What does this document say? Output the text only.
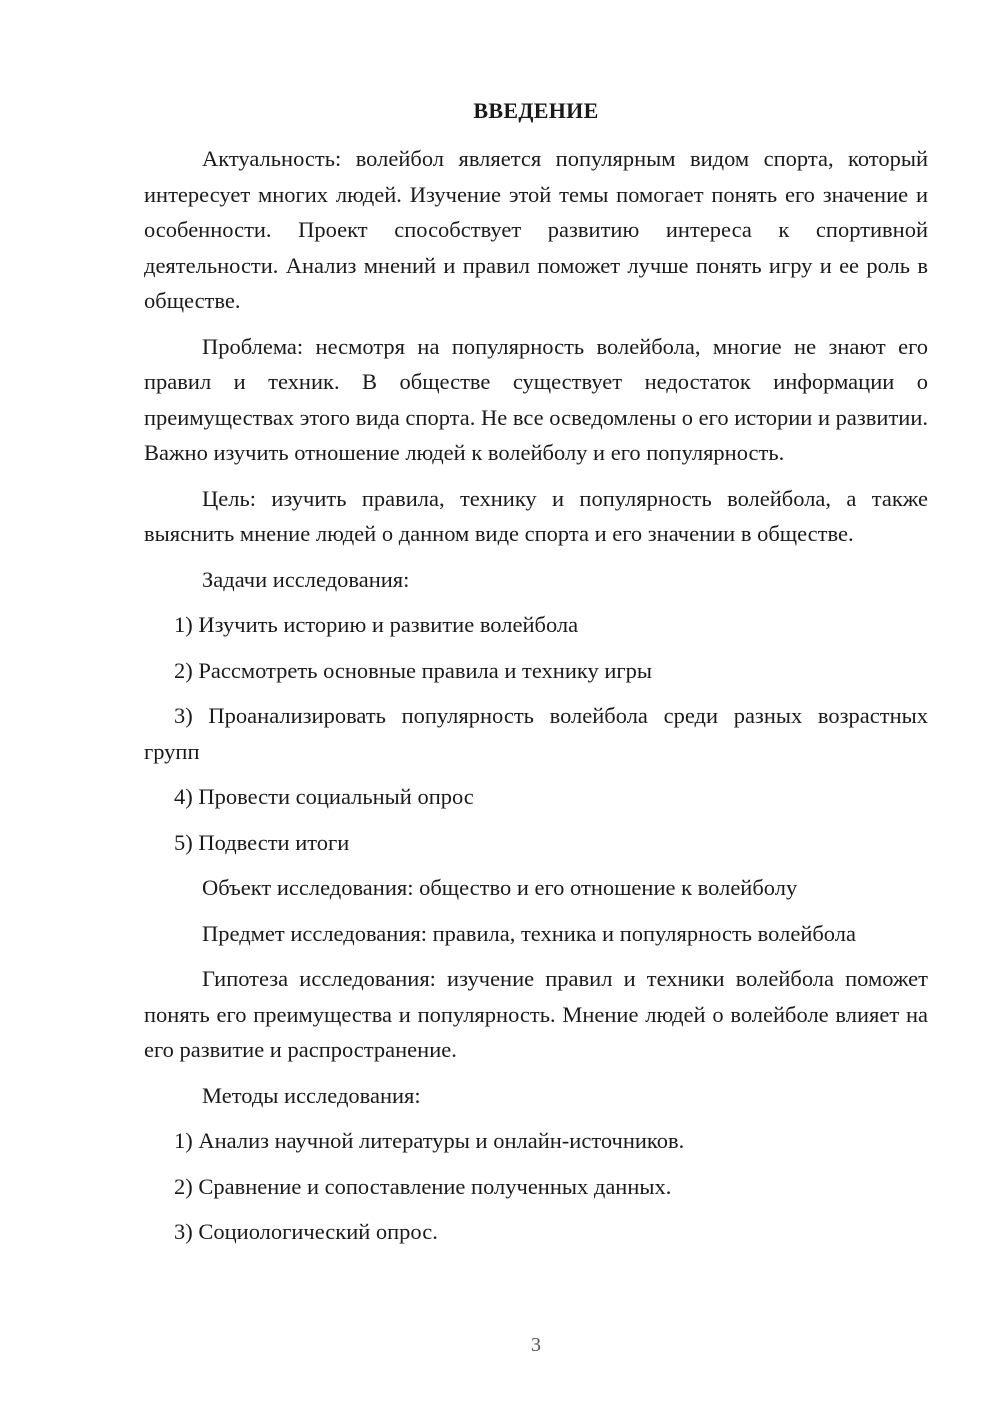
ВВЕДЕНИЕ

Актуальность: волейбол является популярным видом спорта, который интересует многих людей. Изучение этой темы помогает понять его значение и особенности. Проект способствует развитию интереса к спортивной деятельности. Анализ мнений и правил поможет лучше понять игру и ее роль в обществе.

Проблема: несмотря на популярность волейбола, многие не знают его правил и техник. В обществе существует недостаток информации о преимуществах этого вида спорта. Не все осведомлены о его истории и развитии. Важно изучить отношение людей к волейболу и его популярность.

Цель: изучить правила, технику и популярность волейбола, а также выяснить мнение людей о данном виде спорта и его значении в обществе.

Задачи исследования:

1) Изучить историю и развитие волейбола

2) Рассмотреть основные правила и технику игры

3) Проанализировать популярность волейбола среди разных возрастных групп

4) Провести социальный опрос

5) Подвести итоги

Объект исследования: общество и его отношение к волейболу

Предмет исследования: правила, техника и популярность волейбола

Гипотеза исследования: изучение правил и техники волейбола поможет понять его преимущества и популярность. Мнение людей о волейболе влияет на его развитие и распространение.

Методы исследования:

1) Анализ научной литературы и онлайн-источников.

2) Сравнение и сопоставление полученных данных.

3) Социологический опрос.

3
